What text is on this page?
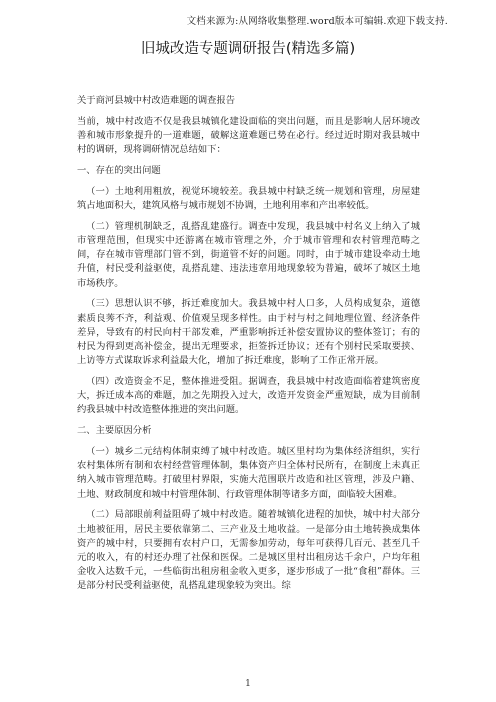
文档来源为:从网络收集整理.word版本可编辑.欢迎下载支持.
旧城改造专题调研报告(精选多篇)

关于商河县城中村改造难题的调查报告

当前，城中村改造不仅是我县城镇化建设面临的突出问题，而且是影响人居环境改善和城市形象提升的一道难题，破解这道难题已势在必行。经过近时期对我县城中村的调研，现将调研情况总结如下：

一、存在的突出问题

（一）土地利用粗放，视觉环境较差。我县城中村缺乏统一规划和管理，房屋建筑占地面积大，建筑风格与城市规划不协调，土地利用率和产出率较低。

（二）管理机制缺乏，乱搭乱建盛行。调查中发现，我县城中村名义上纳入了城市管理范围，但现实中还游离在城市管理之外，介于城市管理和农村管理范畴之间，存在城市管理部门管不到，街道管不好的问题。同时，由于城市建设牵动土地升值，村民受利益驱使，乱搭乱建、违法违章用地现象较为普遍，破坏了城区土地市场秩序。

（三）思想认识不够，拆迁难度加大。我县城中村人口多，人员构成复杂，道德素质良莠不齐，利益观、价值观呈现多样性。由于村与村之间地理位置、经济条件差异，导致有的村民向村干部发难，严重影响拆迁补偿安置协议的整体签订；有的村民为得到更高补偿金，提出无理要求，拒签拆迁协议；还有个别村民采取要挟、上访等方式谋取诉求利益最大化，增加了拆迁难度，影响了工作正常开展。

（四）改造资金不足，整体推进受阻。据调查，我县城中村改造面临着建筑密度大，拆迁成本高的难题，加之先期投入过大，改造开发资金严重短缺，成为目前制约我县城中村改造整体推进的突出问题。

二、主要原因分析

（一）城乡二元结构体制束缚了城中村改造。城区里村均为集体经济组织，实行农村集体所有制和农村经营管理体制，集体资产归全体村民所有，在制度上未真正纳入城市管理范畴。打破里村界限，实施大范围联片改造和社区管理，涉及户籍、土地、财政制度和城中村管理体制、行政管理体制等诸多方面，面临较大困难。

（二）局部眼前利益阻碍了城中村改造。随着城镇化进程的加快，城中村大部分土地被征用，居民主要依靠第二、三产业及土地收益。一是部分由土地转换成集体资产的城中村，只要拥有农村户口，无需参加劳动，每年可获得几百元、甚至几千元的收入，有的村还办理了社保和医保。二是城区里村出租房达千余户，户均年租金收入达数千元，一些临街出租房租金收入更多，逐步形成了一批“食租”群体。三是部分村民受利益驱使，乱搭乱建现象较为突出。综

1
